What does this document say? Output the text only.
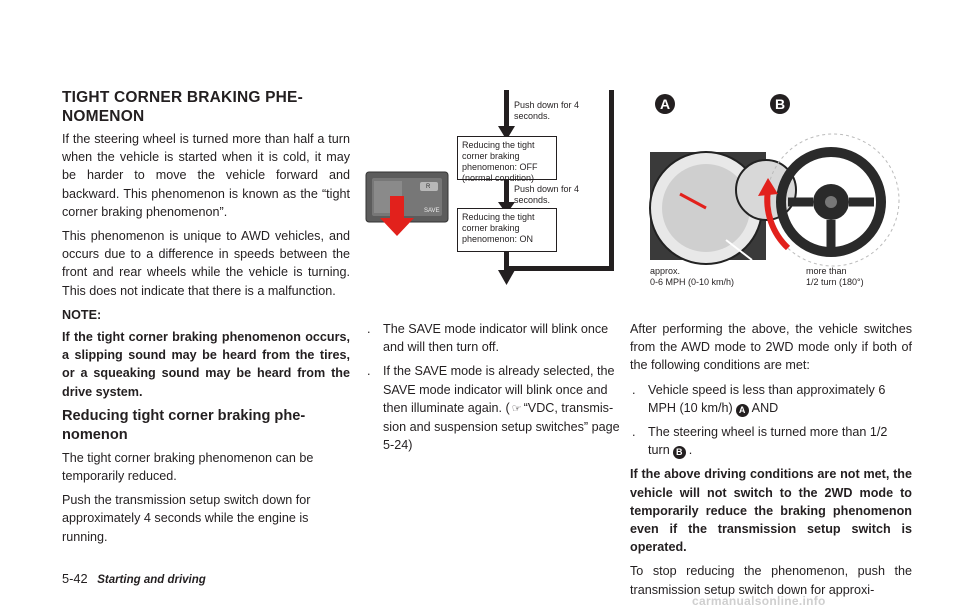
TIGHT CORNER BRAKING PHE-
NOMENON

If the steering wheel is turned more than half a turn when the vehicle is started when it is cold, it may be harder to move the vehicle forward and backward. This phenomenon is known as the “tight corner braking phenomenon”.

This phenomenon is unique to AWD vehicles, and occurs due to a difference in speeds between the front and rear wheels while the vehicle is turning. This does not indicate that there is a malfunction.

NOTE:

If the tight corner braking phenomenon occurs, a slipping sound may be heard from the tires, or a squeaking sound may be heard from the drive system.

Reducing tight corner braking phe-
nomenon

The tight corner braking phenomenon can be temporarily reduced.

Push the transmission setup switch down for approximately 4 seconds while the engine is running.

SAVE
R
Push down for 4 seconds.
Reducing the tight corner braking phenomenon: OFF (normal condition)
Push down for 4 seconds.
Reducing the tight corner braking phenomenon: ON
A	B
approx.
0-6 MPH (0-10 km/h)
more than
1/2 turn (180°)
. The SAVE mode indicator will blink once and will then turn off.
. If the SAVE mode is already selected, the SAVE mode indicator will blink once and then illuminate again. ( ☞ “VDC, transmis- sion and suspension setup switches” page 5-24)

After performing the above, the vehicle switches from the AWD mode to 2WD mode only if both of the following conditions are met:

. Vehicle speed is less than approximately 6 MPH (10 km/h) A AND
. The steering wheel is turned more than 1/2 turn B .

If the above driving conditions are not met, the vehicle will not switch to the 2WD mode to temporarily reduce the braking phenomenon even if the transmission setup switch is operated.

To stop reducing the phenomenon, push the transmission setup switch down for approxi-

5-42 Starting and driving
carmanualsonline.info
